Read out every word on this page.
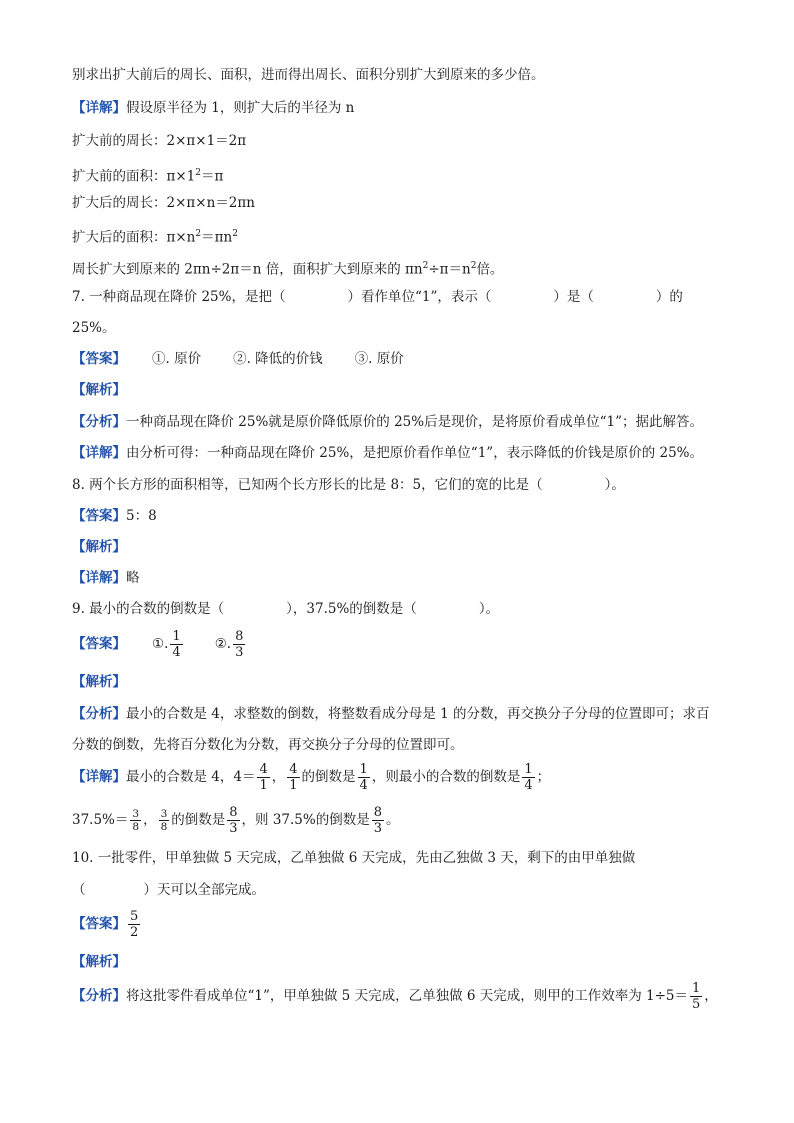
别求出扩大前后的周长、面积，进而得出周长、面积分别扩大到原来的多少倍。
【详解】假设原半径为 1，则扩大后的半径为 n
扩大前的周长：2×π×1＝2π
扩大前的面积：$\pi\times 1^2=\pi$
扩大后的周长：2×π×n＝2πn
扩大后的面积：$\pi\times n^2=\pi n^2$
周长扩大到原来的 2πn÷2π＝n 倍，面积扩大到原来的 $\pi n^2\div\pi=n^2$倍。
7. 一种商品现在降价 25%，是把（	）看作单位“1”，表示（	）是（	）的
25%。
【答案】 ①. 原价 ②. 降低的价钱 ③. 原价
【解析】
【分析】一种商品现在降价 25%就是原价降低原价的 25%后是现价，是将原价看成单位“1”；据此解答。
【详解】由分析可得：一种商品现在降价 25%，是把原价看作单位“1”，表示降低的价钱是原价的 25%。
8. 两个长方形的面积相等，已知两个长方形长的比是 8：5，它们的宽的比是（	）。
【答案】5：8
【解析】
【详解】略
9. 最小的合数的倒数是（	），37.5%的倒数是（	）。
【答案】 ①. $\frac{1}{4}$ ②. $\frac{8}{3}$
【解析】
【分析】最小的合数是 4，求整数的倒数，将整数看成分母是 1 的分数，再交换分子分母的位置即可；求百
分数的倒数，先将百分数化为分数，再交换分子分母的位置即可。
【详解】最小的合数是 4，$4= \frac{4}{1}$ ， $\frac{4}{1}$ 的倒数是 $\frac{1}{4}$ ，则最小的合数的倒数是 $\frac{1}{4}$ ；
$37.5\%= \frac{3}{8}$ ， $\frac{3}{8}$ 的倒数是 $\frac{8}{3}$ ，则 37.5%的倒数是 $\frac{8}{3}$ 。
10. 一批零件，甲单独做 5 天完成，乙单独做 6 天完成，先由乙独做 3 天，剩下的由甲单独做
（	）天可以全部完成。
【答案】 $\frac{5}{2}$
【解析】
【分析】将这批零件看成单位“1”，甲单独做 5 天完成，乙单独做 6 天完成，则甲的工作效率为 $1\div 5= \frac{1}{5}$ ，
